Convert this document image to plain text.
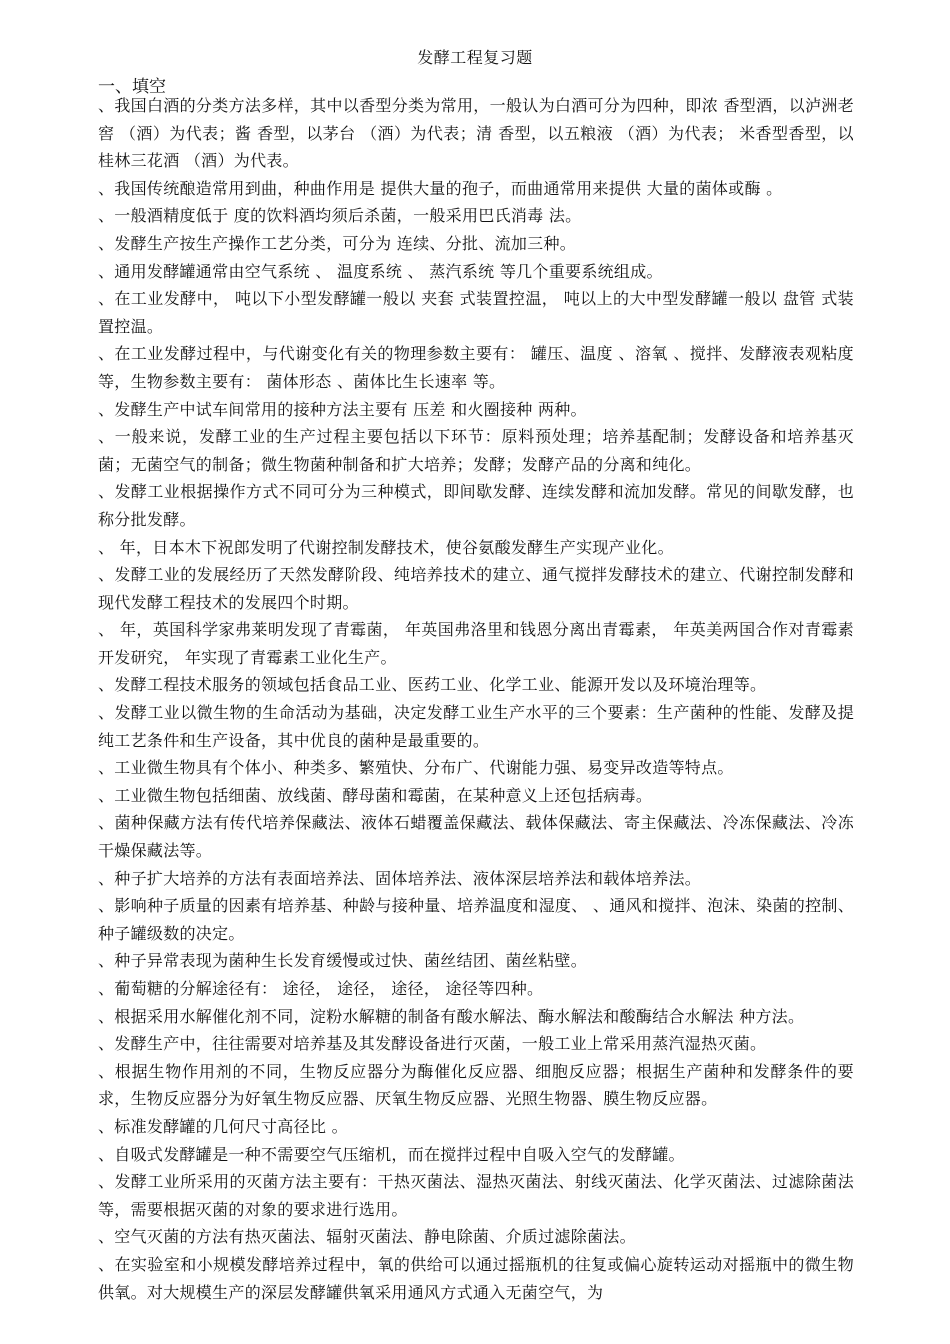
发酵工程复习题
一、填空

、我国白酒的分类方法多样，其中以香型分类为常用，一般认为白酒可分为四种，即浓 香型酒，以泸洲老窖 （酒）为代表；酱 香型，以茅台 （酒）为代表；清 香型，以五粮液 （酒）为代表； 米香型香型，以桂林三花酒 （酒）为代表。

、我国传统酿造常用到曲，种曲作用是 提供大量的孢子，而曲通常用来提供 大量的菌体或酶 。

、一般酒精度低于 度的饮料酒均须后杀菌，一般采用巴氏消毒 法。

、发酵生产按生产操作工艺分类，可分为 连续、分批、流加三种。

、通用发酵罐通常由空气系统 、 温度系统 、 蒸汽系统 等几个重要系统组成。

、在工业发酵中， 吨以下小型发酵罐一般以 夹套 式装置控温， 吨以上的大中型发酵罐一般以 盘管 式装置控温。

、在工业发酵过程中，与代谢变化有关的物理参数主要有： 罐压、温度 、溶氧 、搅拌、发酵液表观粘度等，生物参数主要有： 菌体形态 、菌体比生长速率 等。

、发酵生产中试车间常用的接种方法主要有 压差 和火圈接种 两种。

、一般来说，发酵工业的生产过程主要包括以下环节：原料预处理；培养基配制；发酵设备和培养基灭菌；无菌空气的制备；微生物菌种制备和扩大培养；发酵；发酵产品的分离和纯化。

、发酵工业根据操作方式不同可分为三种模式，即间歇发酵、连续发酵和流加发酵。常见的间歇发酵，也称分批发酵。

、 年，日本木下祝郎发明了代谢控制发酵技术，使谷氨酸发酵生产实现产业化。

、发酵工业的发展经历了天然发酵阶段、纯培养技术的建立、通气搅拌发酵技术的建立、代谢控制发酵和现代发酵工程技术的发展四个时期。

、 年，英国科学家弗莱明发现了青霉菌， 年英国弗洛里和钱恩分离出青霉素， 年英美两国合作对青霉素开发研究， 年实现了青霉素工业化生产。

、发酵工程技术服务的领域包括食品工业、医药工业、化学工业、能源开发以及环境治理等。

、发酵工业以微生物的生命活动为基础，决定发酵工业生产水平的三个要素：生产菌种的性能、发酵及提纯工艺条件和生产设备，其中优良的菌种是最重要的。

、工业微生物具有个体小、种类多、繁殖快、分布广、代谢能力强、易变异改造等特点。

、工业微生物包括细菌、放线菌、酵母菌和霉菌，在某种意义上还包括病毒。

、菌种保藏方法有传代培养保藏法、液体石蜡覆盖保藏法、载体保藏法、寄主保藏法、冷冻保藏法、冷冻干燥保藏法等。

、种子扩大培养的方法有表面培养法、固体培养法、液体深层培养法和载体培养法。

、影响种子质量的因素有培养基、种龄与接种量、培养温度和湿度、 、通风和搅拌、泡沫、染菌的控制、种子罐级数的决定。

、种子异常表现为菌种生长发育缓慢或过快、菌丝结团、菌丝粘壁。

、葡萄糖的分解途径有： 途径， 途径， 途径， 途径等四种。

、根据采用水解催化剂不同，淀粉水解糖的制备有酸水解法、酶水解法和酸酶结合水解法 种方法。

、发酵生产中，往往需要对培养基及其发酵设备进行灭菌，一般工业上常采用蒸汽湿热灭菌。

、根据生物作用剂的不同，生物反应器分为酶催化反应器、细胞反应器；根据生产菌种和发酵条件的要求，生物反应器分为好氧生物反应器、厌氧生物反应器、光照生物器、膜生物反应器。

、标准发酵罐的几何尺寸高径比 。

、自吸式发酵罐是一种不需要空气压缩机，而在搅拌过程中自吸入空气的发酵罐。

、发酵工业所采用的灭菌方法主要有：干热灭菌法、湿热灭菌法、射线灭菌法、化学灭菌法、过滤除菌法等，需要根据灭菌的对象的要求进行选用。

、空气灭菌的方法有热灭菌法、辐射灭菌法、静电除菌、介质过滤除菌法。

、在实验室和小规模发酵培养过程中，氧的供给可以通过摇瓶机的往复或偏心旋转运动对摇瓶中的微生物供氧。对大规模生产的深层发酵罐供氧采用通风方式通入无菌空气，为
